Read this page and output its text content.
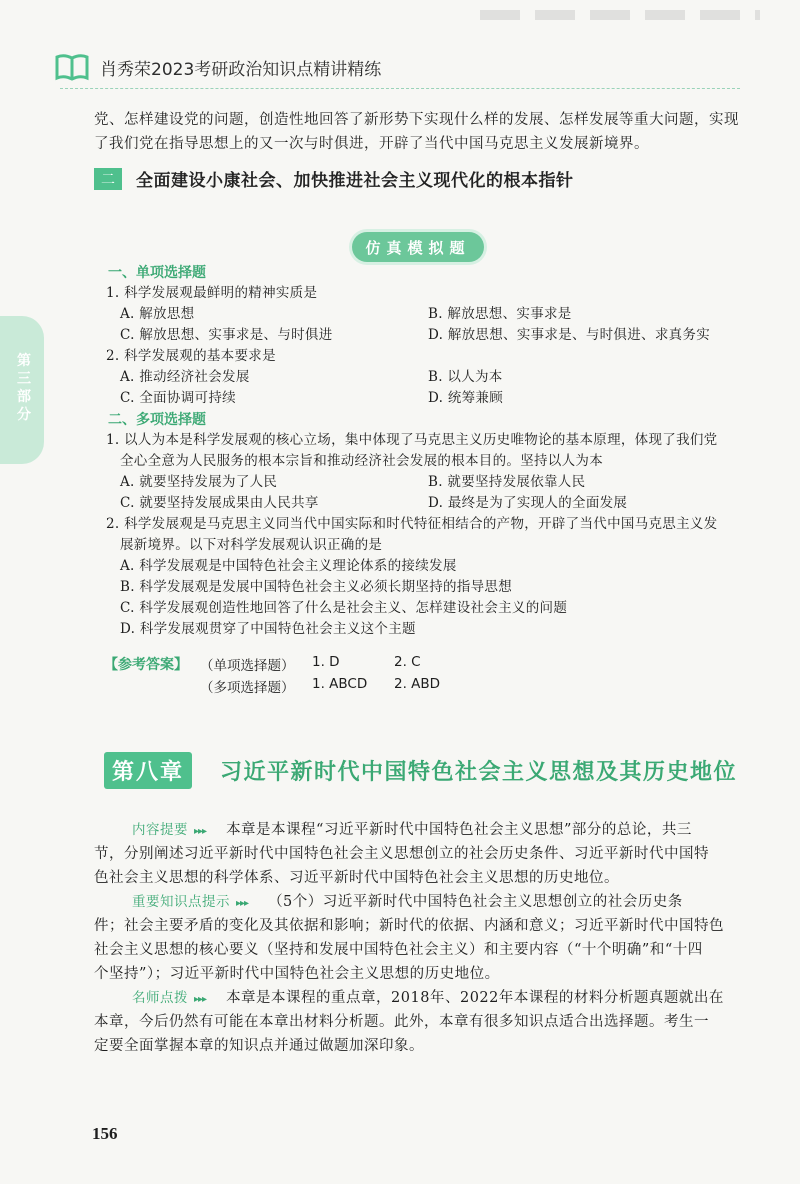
肖秀荣2023考研政治知识点精讲精练

党、怎样建设党的问题，创造性地回答了新形势下实现什么样的发展、怎样发展等重大问题，实现了我们党在指导思想上的又一次与时俱进，开辟了当代中国马克思主义发展新境界。

二	全面建设小康社会、加快推进社会主义现代化的根本指针
仿真模拟题
第三部分
一、单项选择题

1. 科学发展观最鲜明的精神实质是

A. 解放思想	B. 解放思想、实事求是

C. 解放思想、实事求是、与时俱进	D. 解放思想、实事求是、与时俱进、求真务实

2. 科学发展观的基本要求是

A. 推动经济社会发展	B. 以人为本

C. 全面协调可持续	D. 统筹兼顾

二、多项选择题

1. 以人为本是科学发展观的核心立场，集中体现了马克思主义历史唯物论的基本原理，体现了我们党

全心全意为人民服务的根本宗旨和推动经济社会发展的根本目的。坚持以人为本

A. 就要坚持发展为了人民	B. 就要坚持发展依靠人民

C. 就要坚持发展成果由人民共享	D. 最终是为了实现人的全面发展

2. 科学发展观是马克思主义同当代中国实际和时代特征相结合的产物，开辟了当代中国马克思主义发

展新境界。以下对科学发展观认识正确的是

A. 科学发展观是中国特色社会主义理论体系的接续发展

B. 科学发展观是发展中国特色社会主义必须长期坚持的指导思想

C. 科学发展观创造性地回答了什么是社会主义、怎样建设社会主义的问题

D. 科学发展观贯穿了中国特色社会主义这个主题

【参考答案】 （单项选择题） 1. D	2. C
（多项选择题） 1. ABCD 2. ABD
第八章	习近平新时代中国特色社会主义思想及其历史地位

内容提要 ▸▸▸ 本章是本课程“习近平新时代中国特色社会主义思想”部分的总论，共三

节，分别阐述习近平新时代中国特色社会主义思想创立的社会历史条件、习近平新时代中国特

色社会主义思想的科学体系、习近平新时代中国特色社会主义思想的历史地位。

重要知识点提示 ▸▸▸ （5个）习近平新时代中国特色社会主义思想创立的社会历史条

件；社会主要矛盾的变化及其依据和影响；新时代的依据、内涵和意义；习近平新时代中国特色

社会主义思想的核心要义（坚持和发展中国特色社会主义）和主要内容（“十个明确”和“十四

个坚持”）；习近平新时代中国特色社会主义思想的历史地位。

名师点拨 ▸▸▸ 本章是本课程的重点章，2018年、2022年本课程的材料分析题真题就出在

本章，今后仍然有可能在本章出材料分析题。此外，本章有很多知识点适合出选择题。考生一

定要全面掌握本章的知识点并通过做题加深印象。

156
